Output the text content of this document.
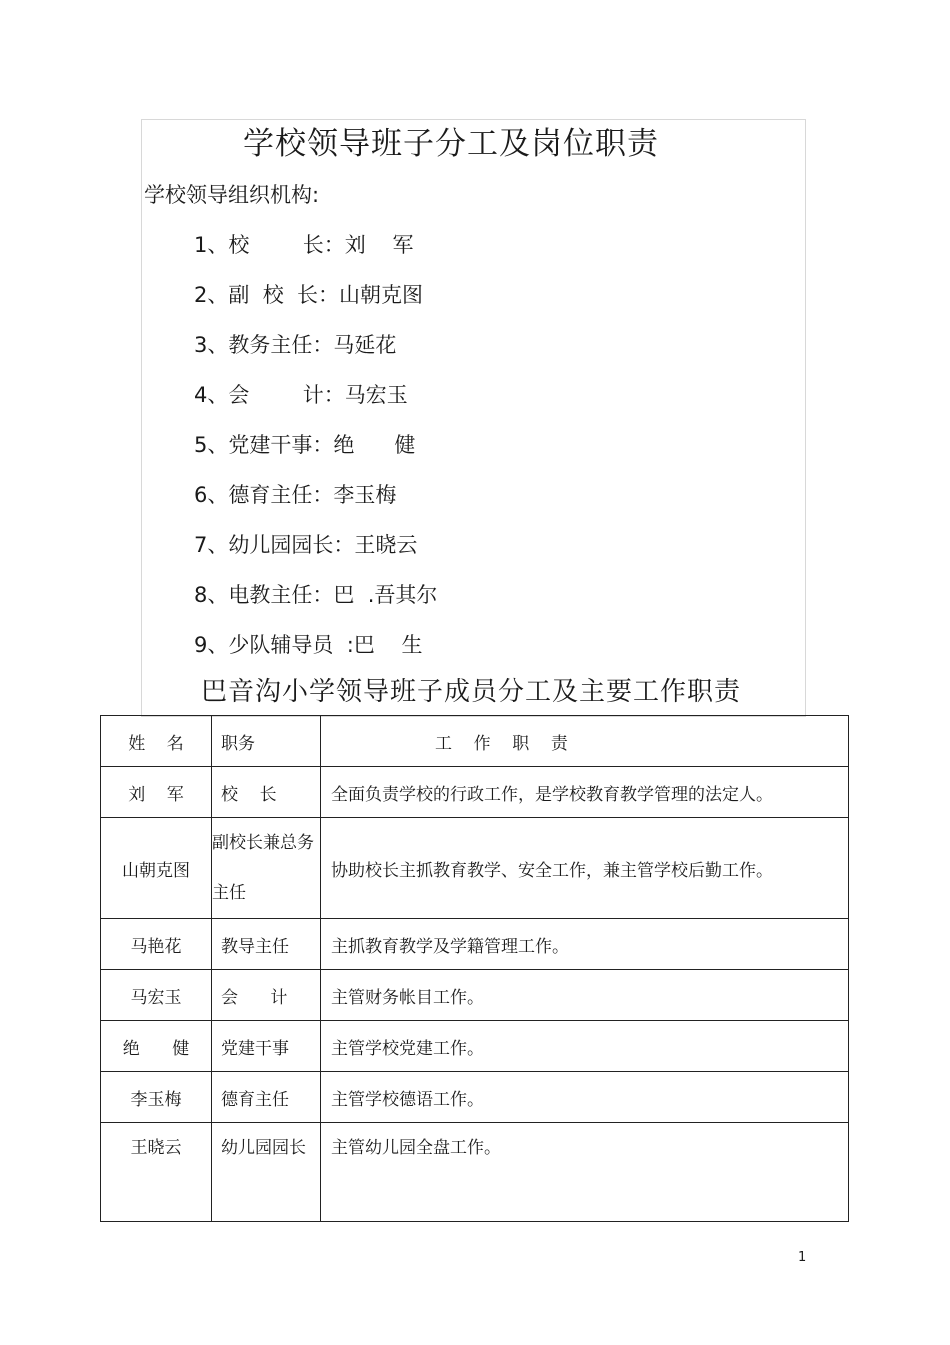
学校领导班子分工及岗位职责
学校领导组织机构:
1、校        长：刘    军
2、副  校  长：山朝克图
3、教务主任：马延花
4、会        计：马宏玉
5、党建干事：绝      健
6、德育主任：李玉梅
7、幼儿园园长：王晓云
8、电教主任：巴  .吾其尔
9、少队辅导员  :巴    生
巴音沟小学领导班子成员分工及主要工作职责
姓    名	职务	工    作    职    责
刘    军	校    长	全面负责学校的行政工作，是学校教育教学管理的法定人。
山朝克图	副校长兼总务主任	协助校长主抓教育教学、安全工作，兼主管学校后勤工作。
马艳花	教导主任	主抓教育教学及学籍管理工作。
马宏玉	会      计	主管财务帐目工作。
绝      健	党建干事	主管学校党建工作。
李玉梅	德育主任	主管学校德语工作。
王晓云	幼儿园园长	主管幼儿园全盘工作。
1
